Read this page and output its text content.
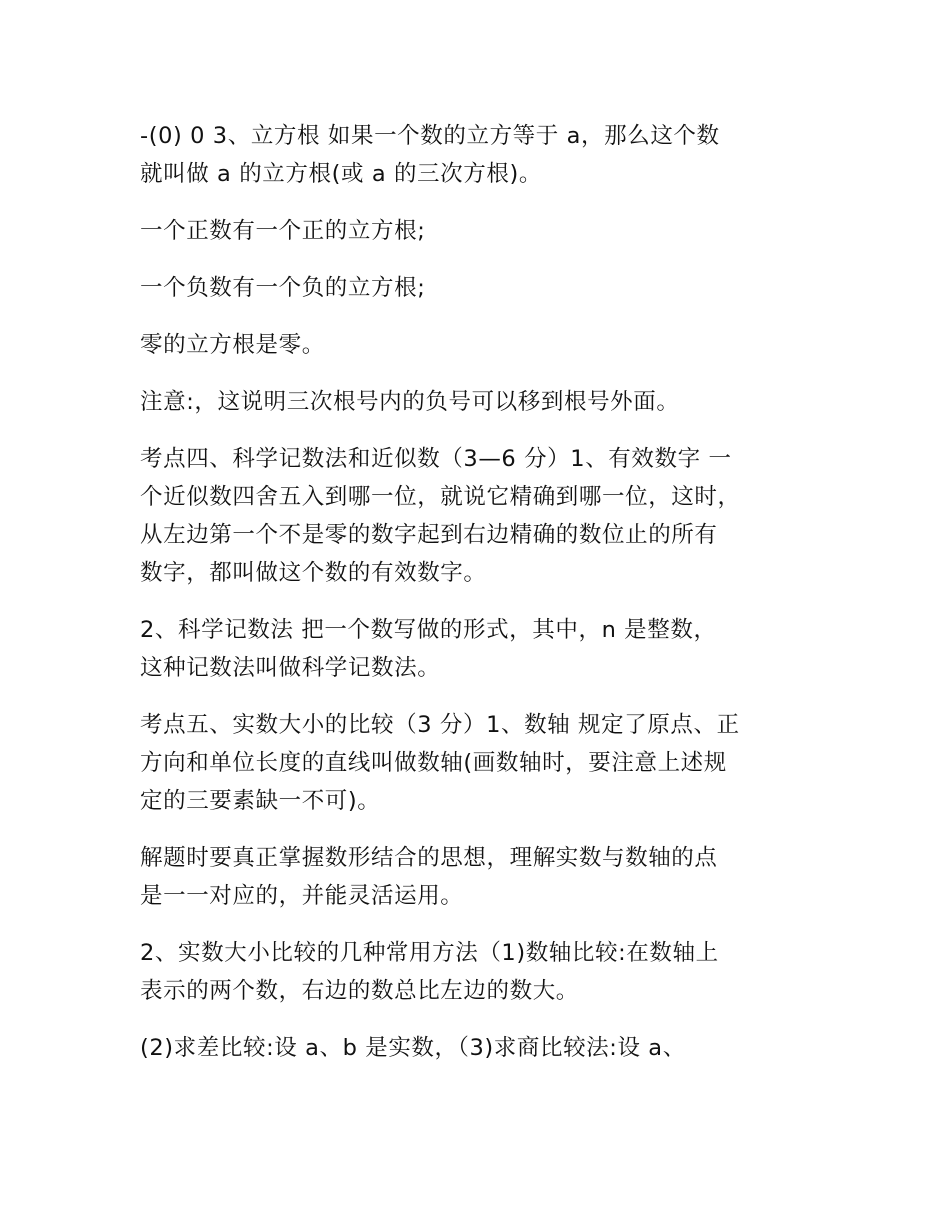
-(0) 0 3、立方根 如果一个数的立方等于 a，那么这个数
就叫做 a 的立方根(或 a 的三次方根)。

一个正数有一个正的立方根;

一个负数有一个负的立方根;

零的立方根是零。

注意:，这说明三次根号内的负号可以移到根号外面。

考点四、科学记数法和近似数（3—6 分）1、有效数字 一
个近似数四舍五入到哪一位，就说它精确到哪一位，这时，
从左边第一个不是零的数字起到右边精确的数位止的所有
数字，都叫做这个数的有效数字。

2、科学记数法 把一个数写做的形式，其中，n 是整数，
这种记数法叫做科学记数法。

考点五、实数大小的比较（3 分）1、数轴 规定了原点、正
方向和单位长度的直线叫做数轴(画数轴时，要注意上述规
定的三要素缺一不可)。

解题时要真正掌握数形结合的思想，理解实数与数轴的点
是一一对应的，并能灵活运用。

2、实数大小比较的几种常用方法（1)数轴比较:在数轴上
表示的两个数，右边的数总比左边的数大。

(2)求差比较:设 a、b 是实数，（3)求商比较法:设 a、
